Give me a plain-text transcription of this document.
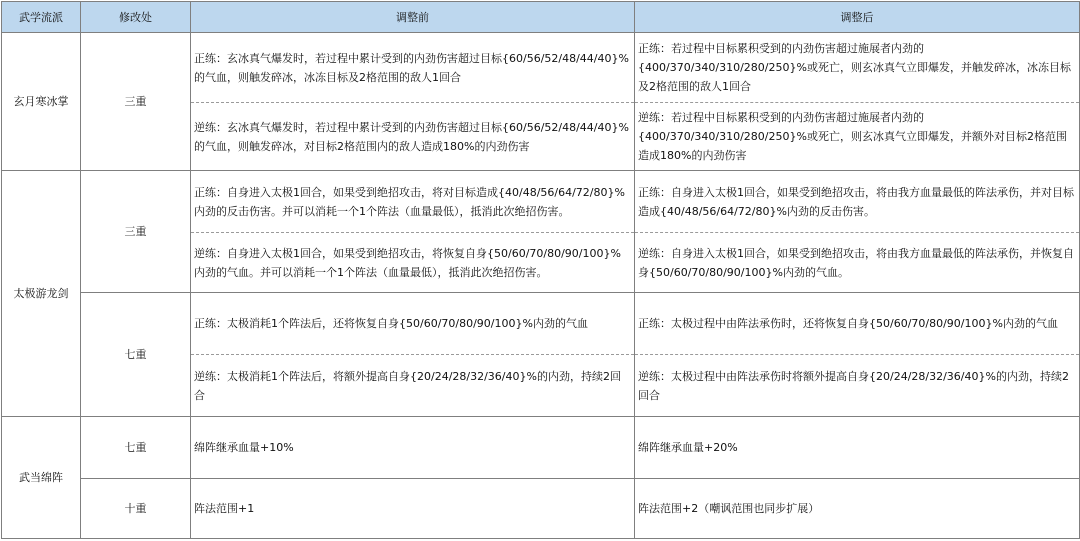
武学流派	修改处	调整前	调整后
玄月寒冰掌	三重	正练：玄冰真气爆发时，若过程中累计受到的内劲伤害超过目标{60/56/52/48/44/40}%的气血，则触发碎冰，冰冻目标及2格范围的敌人1回合	正练：若过程中目标累积受到的内劲伤害超过施展者内劲的{400/370/340/310/280/250}%或死亡，则玄冰真气立即爆发，并触发碎冰，冰冻目标及2格范围的敌人1回合
		逆练：玄冰真气爆发时，若过程中累计受到的内劲伤害超过目标{60/56/52/48/44/40}%的气血，则触发碎冰，对目标2格范围内的敌人造成180%的内劲伤害	逆练：若过程中目标累积受到的内劲伤害超过施展者内劲的{400/370/340/310/280/250}%或死亡，则玄冰真气立即爆发，并额外对目标2格范围造成180%的内劲伤害
太极游龙剑	三重	正练：自身进入太极1回合，如果受到绝招攻击，将对目标造成{40/48/56/64/72/80}%内劲的反击伤害。并可以消耗一个1个阵法（血量最低），抵消此次绝招伤害。	正练：自身进入太极1回合，如果受到绝招攻击，将由我方血量最低的阵法承伤，并对目标造成{40/48/56/64/72/80}%内劲的反击伤害。
		逆练：自身进入太极1回合，如果受到绝招攻击，将恢复自身{50/60/70/80/90/100}%内劲的气血。并可以消耗一个1个阵法（血量最低），抵消此次绝招伤害。	逆练：自身进入太极1回合，如果受到绝招攻击，将由我方血量最低的阵法承伤，并恢复自身{50/60/70/80/90/100}%内劲的气血。
	七重	正练：太极消耗1个阵法后，还将恢复自身{50/60/70/80/90/100}%内劲的气血	正练：太极过程中由阵法承伤时，还将恢复自身{50/60/70/80/90/100}%内劲的气血
		逆练：太极消耗1个阵法后，将额外提高自身{20/24/28/32/36/40}%的内劲，持续2回合	逆练：太极过程中由阵法承伤时将额外提高自身{20/24/28/32/36/40}%的内劲，持续2回合
武当绵阵	七重	绵阵继承血量+10%	绵阵继承血量+20%
	十重	阵法范围+1	阵法范围+2（嘲讽范围也同步扩展）
